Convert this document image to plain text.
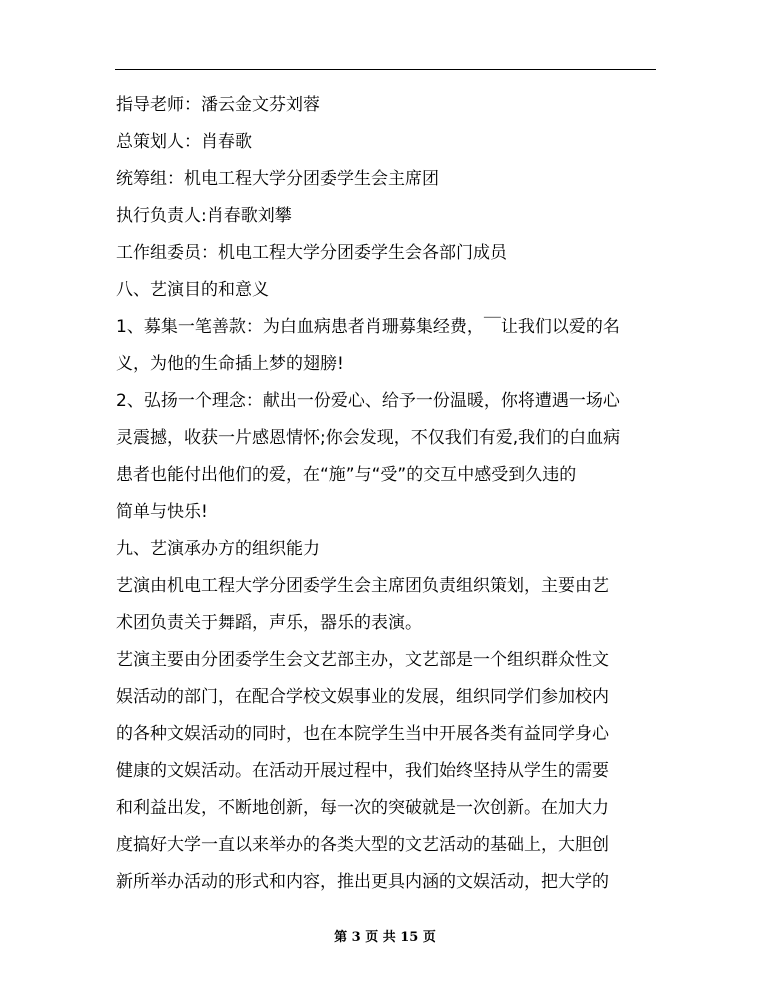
指导老师：潘云金文芬刘蓉
总策划人：肖春歌
统筹组：机电工程大学分团委学生会主席团
执行负责人:肖春歌刘攀
工作组委员：机电工程大学分团委学生会各部门成员
八、艺演目的和意义
1、募集一笔善款：为白血病患者肖珊募集经费，￣让我们以爱的名
义，为他的生命插上梦的翅膀!
2、弘扬一个理念：献出一份爱心、给予一份温暖，你将遭遇一场心
灵震撼，收获一片感恩情怀;你会发现，不仅我们有爱,我们的白血病
患者也能付出他们的爱，在“施”与“受”的交互中感受到久违的
简单与快乐!
九、艺演承办方的组织能力
艺演由机电工程大学分团委学生会主席团负责组织策划，主要由艺
术团负责关于舞蹈，声乐，器乐的表演。
艺演主要由分团委学生会文艺部主办，文艺部是一个组织群众性文
娱活动的部门，在配合学校文娱事业的发展，组织同学们参加校内
的各种文娱活动的同时，也在本院学生当中开展各类有益同学身心
健康的文娱活动。在活动开展过程中，我们始终坚持从学生的需要
和利益出发，不断地创新，每一次的突破就是一次创新。在加大力
度搞好大学一直以来举办的各类大型的文艺活动的基础上，大胆创
新所举办活动的形式和内容，推出更具内涵的文娱活动，把大学的
第 3 页 共 15 页
